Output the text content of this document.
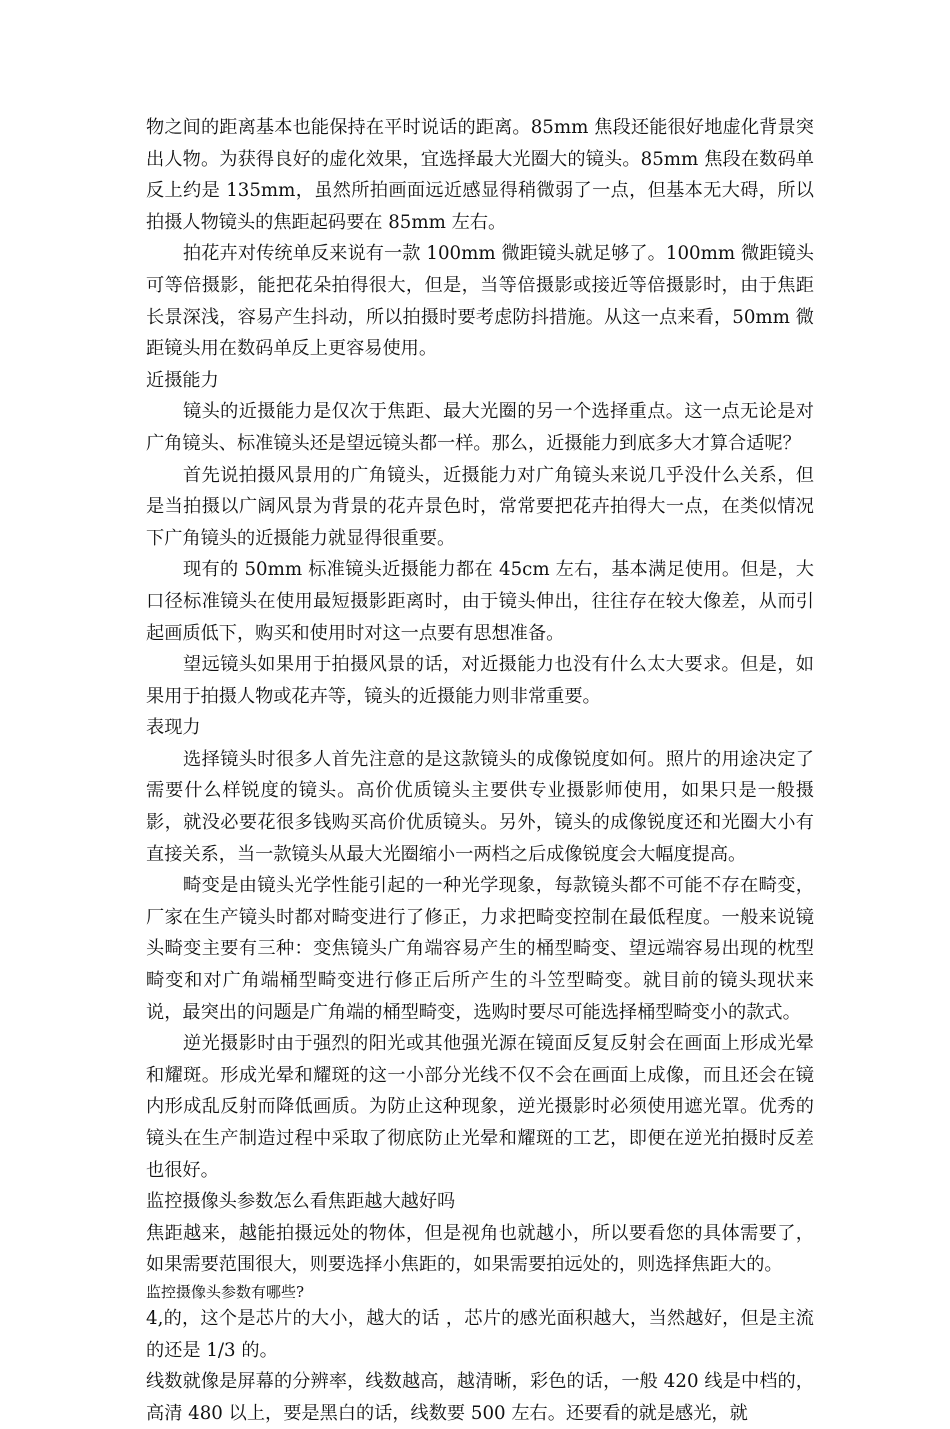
物之间的距离基本也能保持在平时说话的距离。85mm 焦段还能很好地虚化背景突出人物。为获得良好的虚化效果，宜选择最大光圈大的镜头。85mm 焦段在数码单反上约是 135mm，虽然所拍画面远近感显得稍微弱了一点，但基本无大碍，所以拍摄人物镜头的焦距起码要在 85mm 左右。

拍花卉对传统单反来说有一款 100mm 微距镜头就足够了。100mm 微距镜头可等倍摄影，能把花朵拍得很大，但是，当等倍摄影或接近等倍摄影时，由于焦距长景深浅，容易产生抖动，所以拍摄时要考虑防抖措施。从这一点来看，50mm 微距镜头用在数码单反上更容易使用。

近摄能力

镜头的近摄能力是仅次于焦距、最大光圈的另一个选择重点。这一点无论是对广角镜头、标准镜头还是望远镜头都一样。那么，近摄能力到底多大才算合适呢？

首先说拍摄风景用的广角镜头，近摄能力对广角镜头来说几乎没什么关系，但是当拍摄以广阔风景为背景的花卉景色时，常常要把花卉拍得大一点，在类似情况下广角镜头的近摄能力就显得很重要。

现有的 50mm 标准镜头近摄能力都在 45cm 左右，基本满足使用。但是，大口径标准镜头在使用最短摄影距离时，由于镜头伸出，往往存在较大像差，从而引起画质低下，购买和使用时对这一点要有思想准备。

望远镜头如果用于拍摄风景的话，对近摄能力也没有什么太大要求。但是，如果用于拍摄人物或花卉等，镜头的近摄能力则非常重要。

表现力

选择镜头时很多人首先注意的是这款镜头的成像锐度如何。照片的用途决定了需要什么样锐度的镜头。高价优质镜头主要供专业摄影师使用，如果只是一般摄影，就没必要花很多钱购买高价优质镜头。另外，镜头的成像锐度还和光圈大小有直接关系，当一款镜头从最大光圈缩小一两档之后成像锐度会大幅度提高。

畸变是由镜头光学性能引起的一种光学现象，每款镜头都不可能不存在畸变，厂家在生产镜头时都对畸变进行了修正，力求把畸变控制在最低程度。一般来说镜头畸变主要有三种：变焦镜头广角端容易产生的桶型畸变、望远端容易出现的枕型畸变和对广角端桶型畸变进行修正后所产生的斗笠型畸变。就目前的镜头现状来说，最突出的问题是广角端的桶型畸变，选购时要尽可能选择桶型畸变小的款式。

逆光摄影时由于强烈的阳光或其他强光源在镜面反复反射会在画面上形成光晕和耀斑。形成光晕和耀斑的这一小部分光线不仅不会在画面上成像，而且还会在镜内形成乱反射而降低画质。为防止这种现象，逆光摄影时必须使用遮光罩。优秀的镜头在生产制造过程中采取了彻底防止光晕和耀斑的工艺，即便在逆光拍摄时反差也很好。

监控摄像头参数怎么看焦距越大越好吗

焦距越来，越能拍摄远处的物体，但是视角也就越小，所以要看您的具体需要了，如果需要范围很大，则要选择小焦距的，如果需要拍远处的，则选择焦距大的。

监控摄像头参数有哪些?

4,的，这个是芯片的大小，越大的话 ，芯片的感光面积越大，当然越好，但是主流的还是 1/3 的。

线数就像是屏幕的分辨率，线数越高，越清晰，彩色的话，一般 420 线是中档的，高清 480 以上，要是黑白的话，线数要 500 左右。还要看的就是感光，就
